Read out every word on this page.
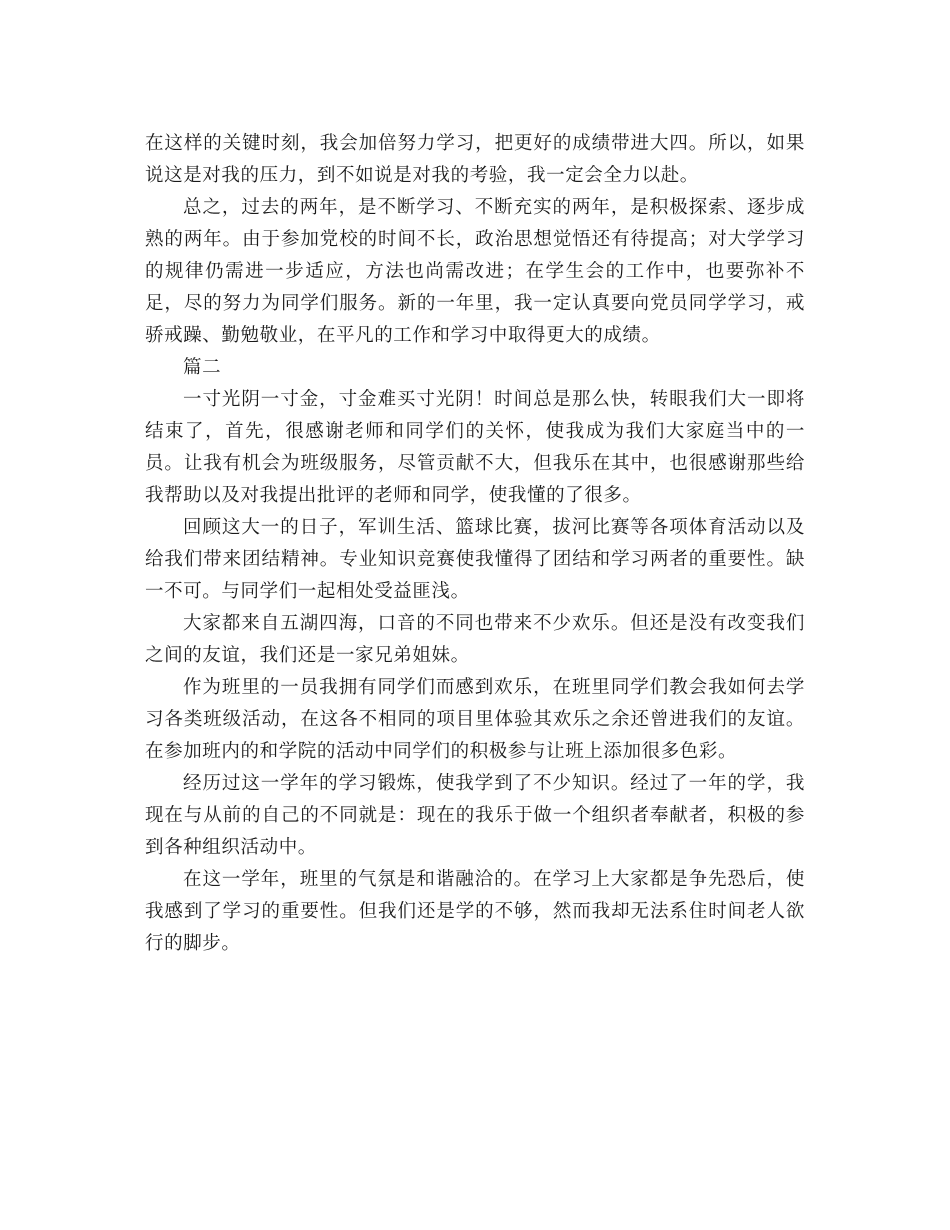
在这样的关键时刻，我会加倍努力学习，把更好的成绩带进大四。所以，如果说这是对我的压力，到不如说是对我的考验，我一定会全力以赴。

总之，过去的两年，是不断学习、不断充实的两年，是积极探索、逐步成熟的两年。由于参加党校的时间不长，政治思想觉悟还有待提高；对大学学习的规律仍需进一步适应，方法也尚需改进；在学生会的工作中，也要弥补不足，尽的努力为同学们服务。新的一年里，我一定认真要向党员同学学习，戒骄戒躁、勤勉敬业，在平凡的工作和学习中取得更大的成绩。

篇二

一寸光阴一寸金，寸金难买寸光阴！时间总是那么快，转眼我们大一即将结束了，首先，很感谢老师和同学们的关怀，使我成为我们大家庭当中的一员。让我有机会为班级服务，尽管贡献不大，但我乐在其中，也很感谢那些给我帮助以及对我提出批评的老师和同学，使我懂的了很多。

回顾这大一的日子，军训生活、篮球比赛，拔河比赛等各项体育活动以及给我们带来团结精神。专业知识竞赛使我懂得了团结和学习两者的重要性。缺一不可。与同学们一起相处受益匪浅。

大家都来自五湖四海，口音的不同也带来不少欢乐。但还是没有改变我们之间的友谊，我们还是一家兄弟姐妹。

作为班里的一员我拥有同学们而感到欢乐，在班里同学们教会我如何去学习各类班级活动，在这各不相同的项目里体验其欢乐之余还曾进我们的友谊。在参加班内的和学院的活动中同学们的积极参与让班上添加很多色彩。

经历过这一学年的学习锻炼，使我学到了不少知识。经过了一年的学，我现在与从前的自己的不同就是：现在的我乐于做一个组织者奉献者，积极的参到各种组织活动中。

在这一学年，班里的气氛是和谐融洽的。在学习上大家都是争先恐后，使我感到了学习的重要性。但我们还是学的不够，然而我却无法系住时间老人欲行的脚步。
